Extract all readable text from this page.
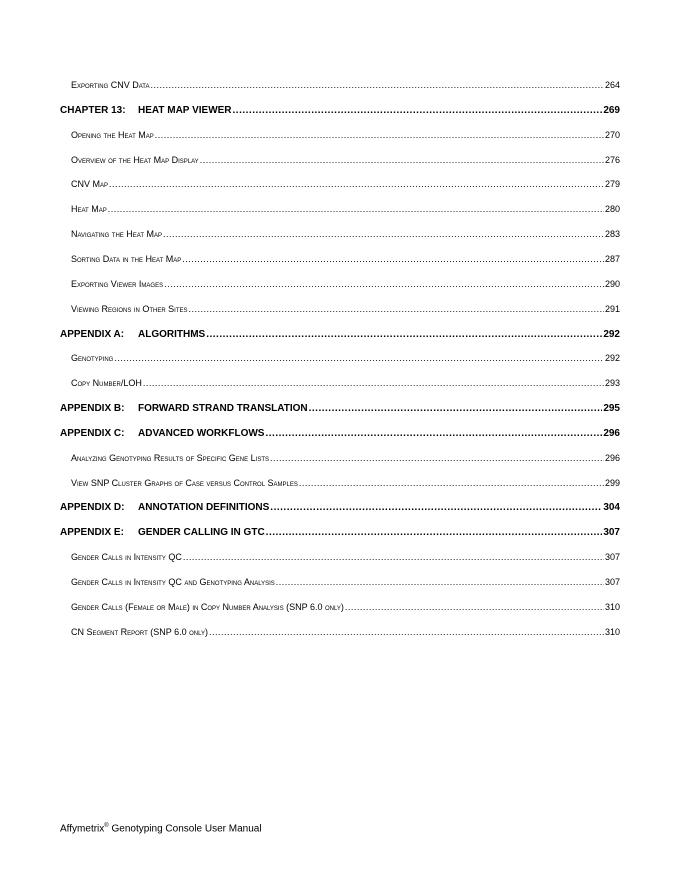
Exporting CNV Data .....	264
CHAPTER 13: HEAT MAP VIEWER .....	269
Opening the Heat Map .....	270
Overview of the Heat Map Display .....	276
CNV Map .....	279
Heat Map .....	280
Navigating the Heat Map .....	283
Sorting Data in the Heat Map .....	287
Exporting Viewer Images .....	290
Viewing Regions in Other Sites .....	291
APPENDIX A: ALGORITHMS .....	292
Genotyping .....	292
Copy Number/LOH .....	293
APPENDIX B: FORWARD STRAND TRANSLATION .....	295
APPENDIX C: ADVANCED WORKFLOWS .....	296
Analyzing Genotyping Results of Specific Gene Lists .....	296
View SNP Cluster Graphs of Case versus Control Samples .....	299
APPENDIX D: ANNOTATION DEFINITIONS .....	304
APPENDIX E: GENDER CALLING IN GTC .....	307
Gender Calls in Intensity QC .....	307
Gender Calls in Intensity QC and Genotyping Analysis .....	307
Gender Calls (Female or Male) in Copy Number Analysis (SNP 6.0 only) .....	310
CN Segment Report (SNP 6.0 only) .....	310
Affymetrix® Genotyping Console User Manual
